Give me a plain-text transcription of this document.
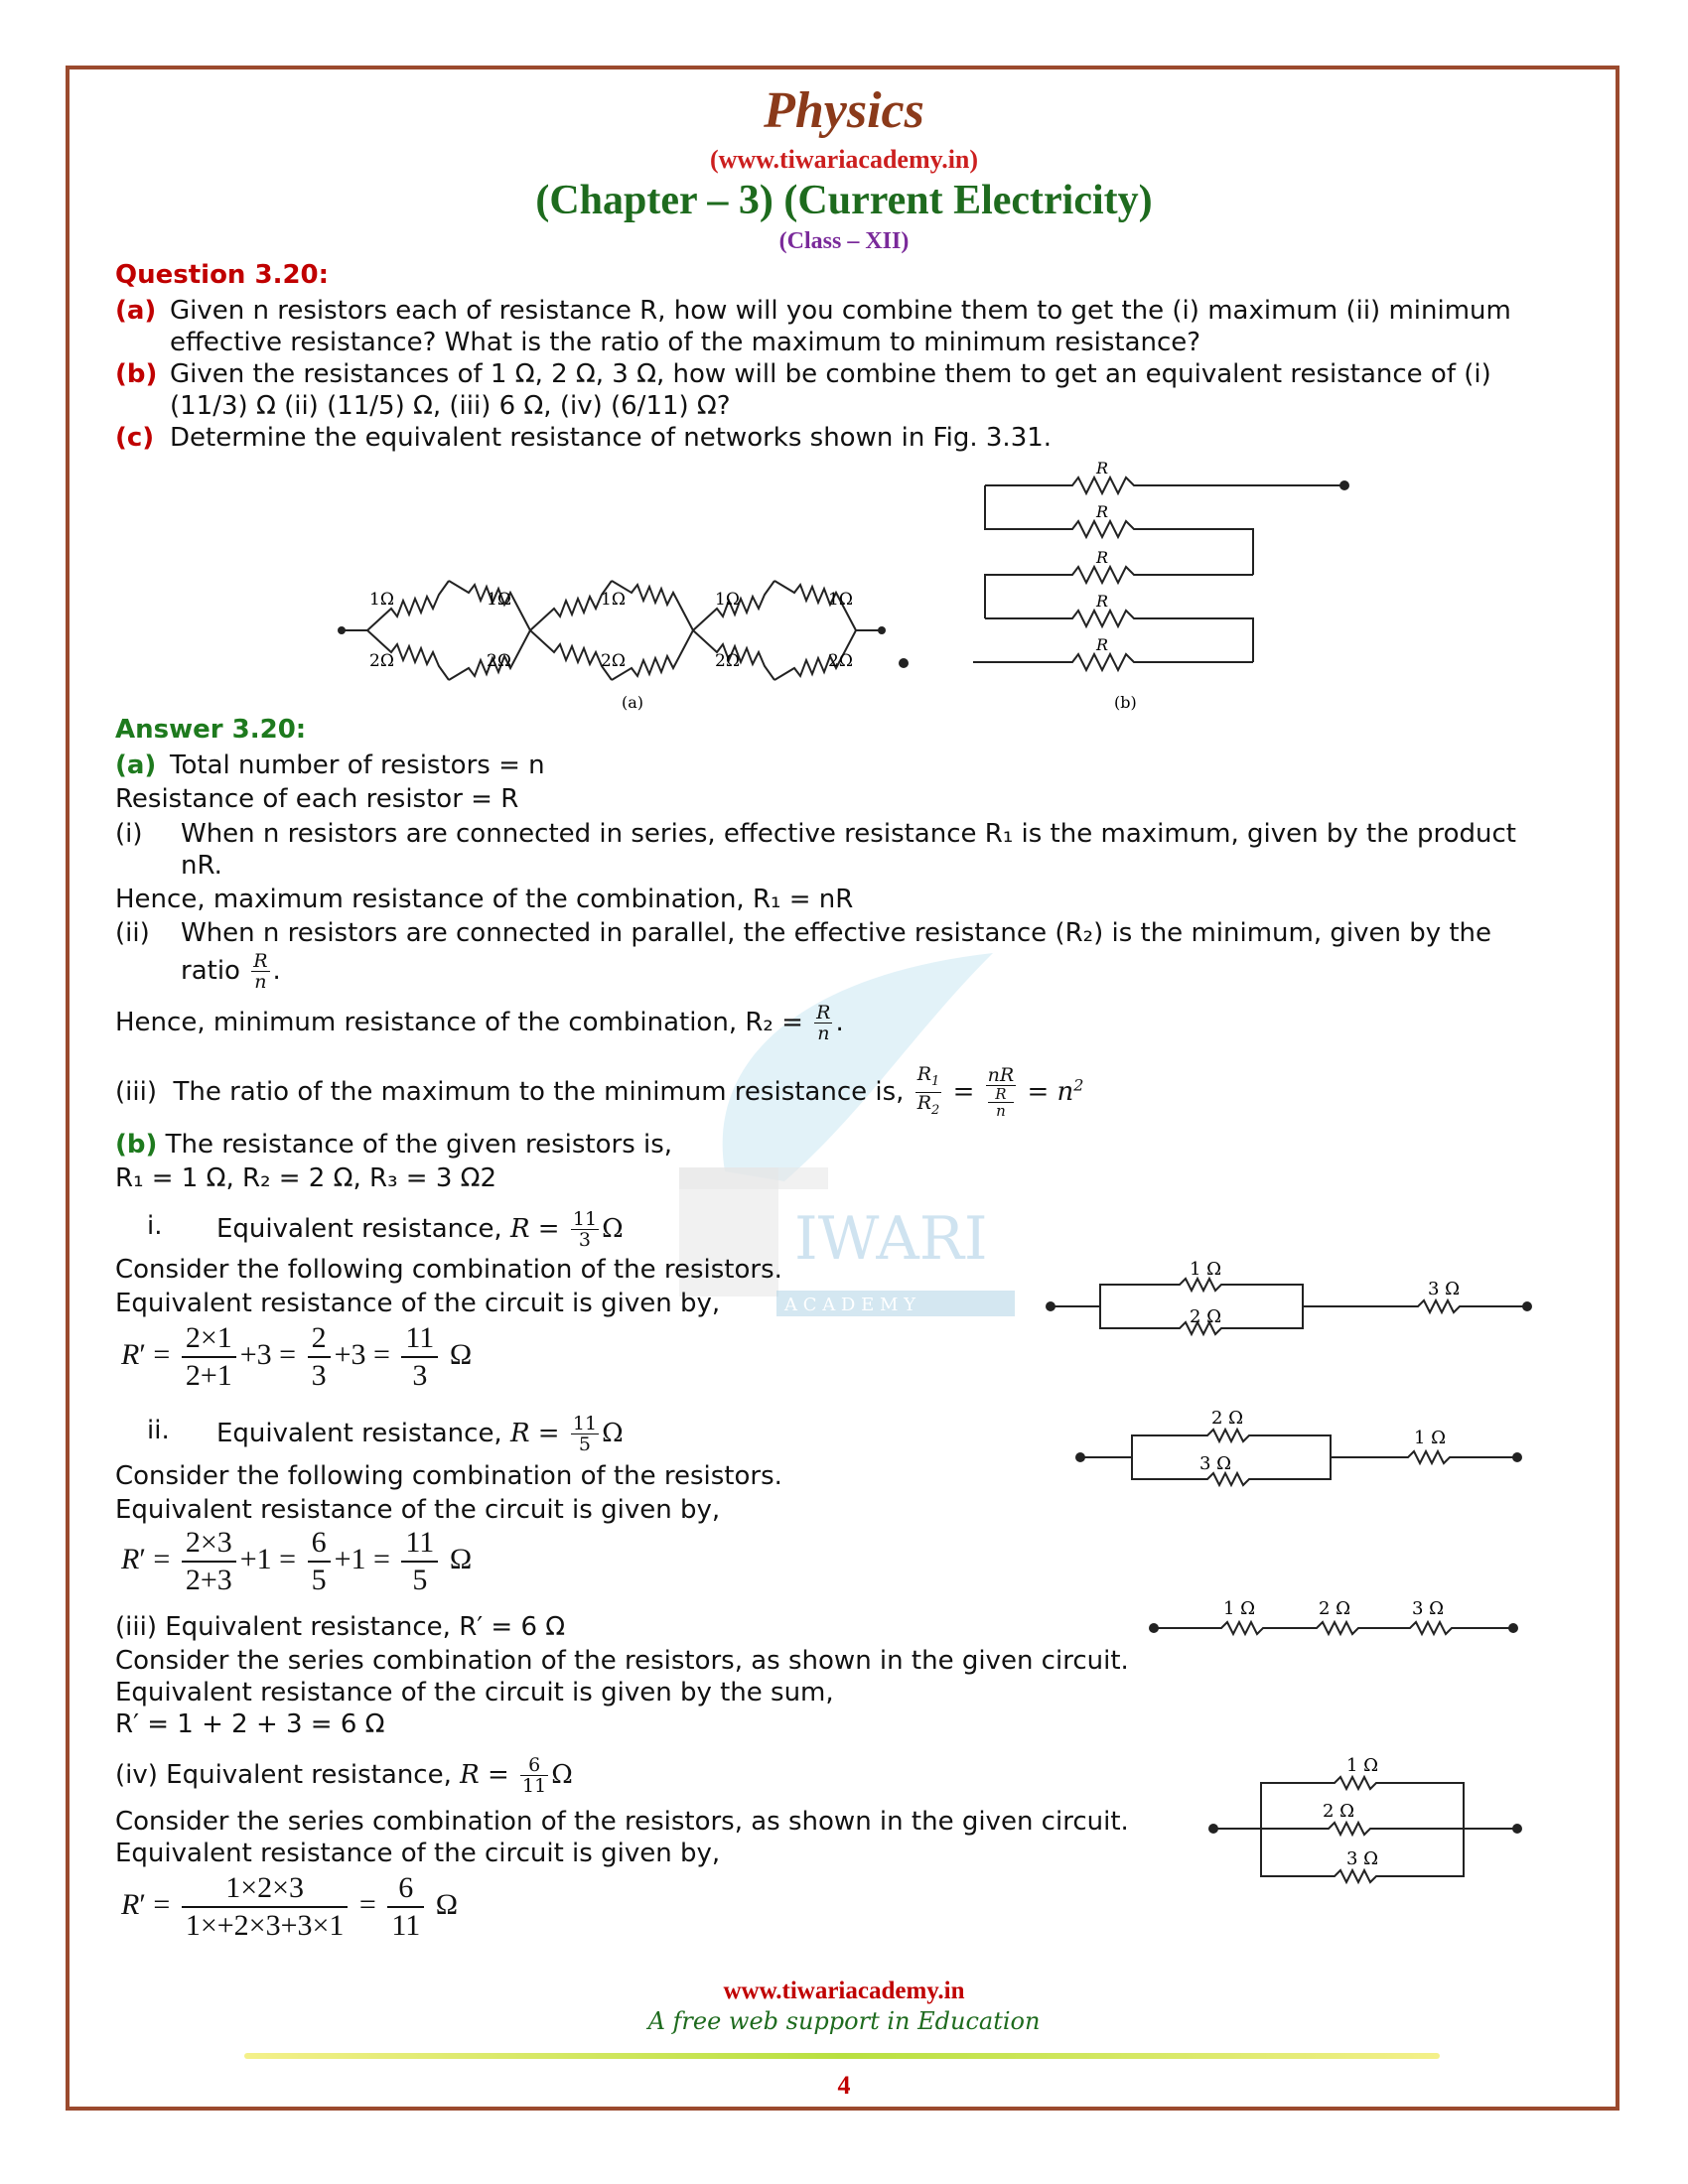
IWARI
A C A D E M Y
Physics
(www.tiwariacademy.in)
(Chapter – 3) (Current Electricity)
(Class – XII)
Question 3.20:
(a) Given n resistors each of resistance R, how will you combine them to get the (i) maximum (ii) minimum
effective resistance? What is the ratio of the maximum to minimum resistance?
(b) Given the resistances of 1 Ω, 2 Ω, 3 Ω, how will be combine them to get an equivalent resistance of (i)
(11/3) Ω (ii) (11/5) Ω, (iii) 6 Ω, (iv) (6/11) Ω?
(c) Determine the equivalent resistance of networks shown in Fig. 3.31.
1Ω	1Ω	1Ω	1Ω	1Ω
2Ω	2Ω	2Ω	2Ω	2Ω
(a)
R
R
R
R
R
(b)
Answer 3.20:
(a) Total number of resistors = n
Resistance of each resistor = R
(i) When n resistors are connected in series, effective resistance R₁ is the maximum, given by the product
nR.
Hence, maximum resistance of the combination, R₁ = nR
(ii) When n resistors are connected in parallel, the effective resistance (R₂) is the minimum, given by the
ratio $\frac{R}{n}$ .
Hence, minimum resistance of the combination, $R_2 = \frac{R}{n}$ .
(iii) The ratio of the maximum to the minimum resistance is, $\frac{R_1}{R_2}$ = nR
R
$n = n^2$
(b) The resistance of the given resistors is,
R₁ = 1 Ω, R₂ = 2 Ω, R₃ = 3 Ω2
i. Equivalent resistance, $R = \frac{11}{3}$ Ω
Consider the following combination of the resistors.
Equivalent resistance of the circuit is given by,
$R' = \frac{2\times 1}{2+1} +3 = \frac{2}{3} +3 = \frac{11}{3}$ Ω
1 Ω
2 Ω
3 Ω
ii. Equivalent resistance, $R = \frac{11}{5}$ Ω
Consider the following combination of the resistors.
Equivalent resistance of the circuit is given by,
$R' = \frac{2\times 3}{2+3} +1 = \frac{6}{5} +1 = \frac{11}{5}$ Ω
2 Ω
3 Ω
1 Ω
(iii) Equivalent resistance, R′ = 6 Ω
Consider the series combination of the resistors, as shown in the given circuit.
Equivalent resistance of the circuit is given by the sum,
R′ = 1 + 2 + 3 = 6 Ω
1 Ω	2 Ω	3 Ω
(iv) Equivalent resistance, $R = \frac{6}{11}$ Ω
Consider the series combination of the resistors, as shown in the given circuit.
Equivalent resistance of the circuit is given by,
$R' = \frac{1\times 2\times 3}{1\times+2\times 3+3\times 1} = \frac{6}{11}$ Ω
1 Ω
2 Ω
3 Ω
www.tiwariacademy.in
A free web support in Education
4
